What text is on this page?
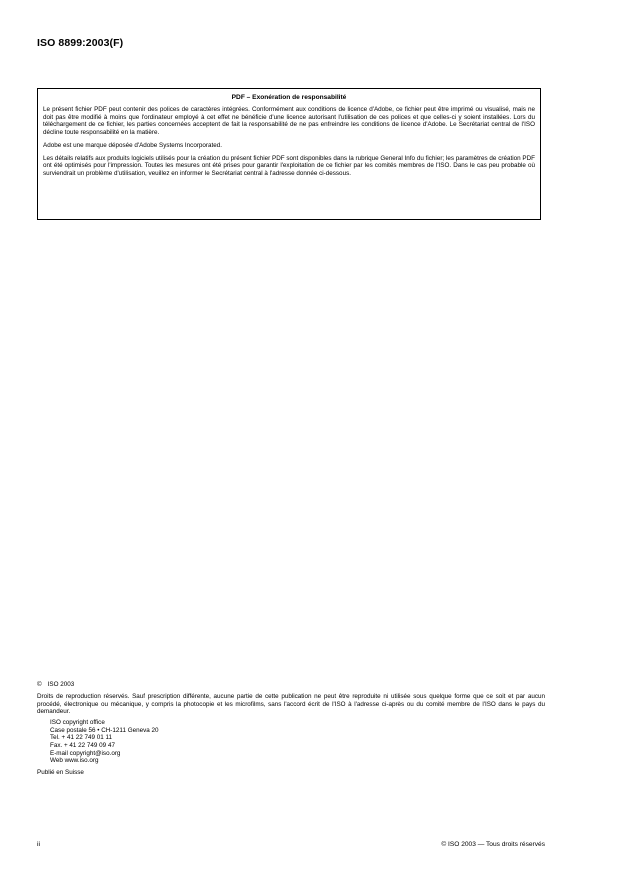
ISO 8899:2003(F)
PDF – Exonération de responsabilité

Le présent fichier PDF peut contenir des polices de caractères intégrées. Conformément aux conditions de licence d'Adobe, ce fichier peut être imprimé ou visualisé, mais ne doit pas être modifié à moins que l'ordinateur employé à cet effet ne bénéficie d'une licence autorisant l'utilisation de ces polices et que celles-ci y soient installées. Lors du téléchargement de ce fichier, les parties concernées acceptent de fait la responsabilité de ne pas enfreindre les conditions de licence d'Adobe. Le Secrétariat central de l'ISO décline toute responsabilité en la matière.

Adobe est une marque déposée d'Adobe Systems Incorporated.

Les détails relatifs aux produits logiciels utilisés pour la création du présent fichier PDF sont disponibles dans la rubrique General Info du fichier; les paramètres de création PDF ont été optimisés pour l'impression. Toutes les mesures ont été prises pour garantir l'exploitation de ce fichier par les comités membres de l'ISO. Dans le cas peu probable où surviendrait un problème d'utilisation, veuillez en informer le Secrétariat central à l'adresse donnée ci-dessous.

© ISO 2003

Droits de reproduction réservés. Sauf prescription différente, aucune partie de cette publication ne peut être reproduite ni utilisée sous quelque forme que ce soit et par aucun procédé, électronique ou mécanique, y compris la photocopie et les microfilms, sans l'accord écrit de l'ISO à l'adresse ci-après ou du comité membre de l'ISO dans le pays du demandeur.

ISO copyright office
Case postale 56 • CH-1211 Geneva 20
Tel. + 41 22 749 01 11
Fax. + 41 22 749 09 47
E-mail copyright@iso.org
Web www.iso.org
Publié en Suisse
ii	© ISO 2003 — Tous droits réservés
